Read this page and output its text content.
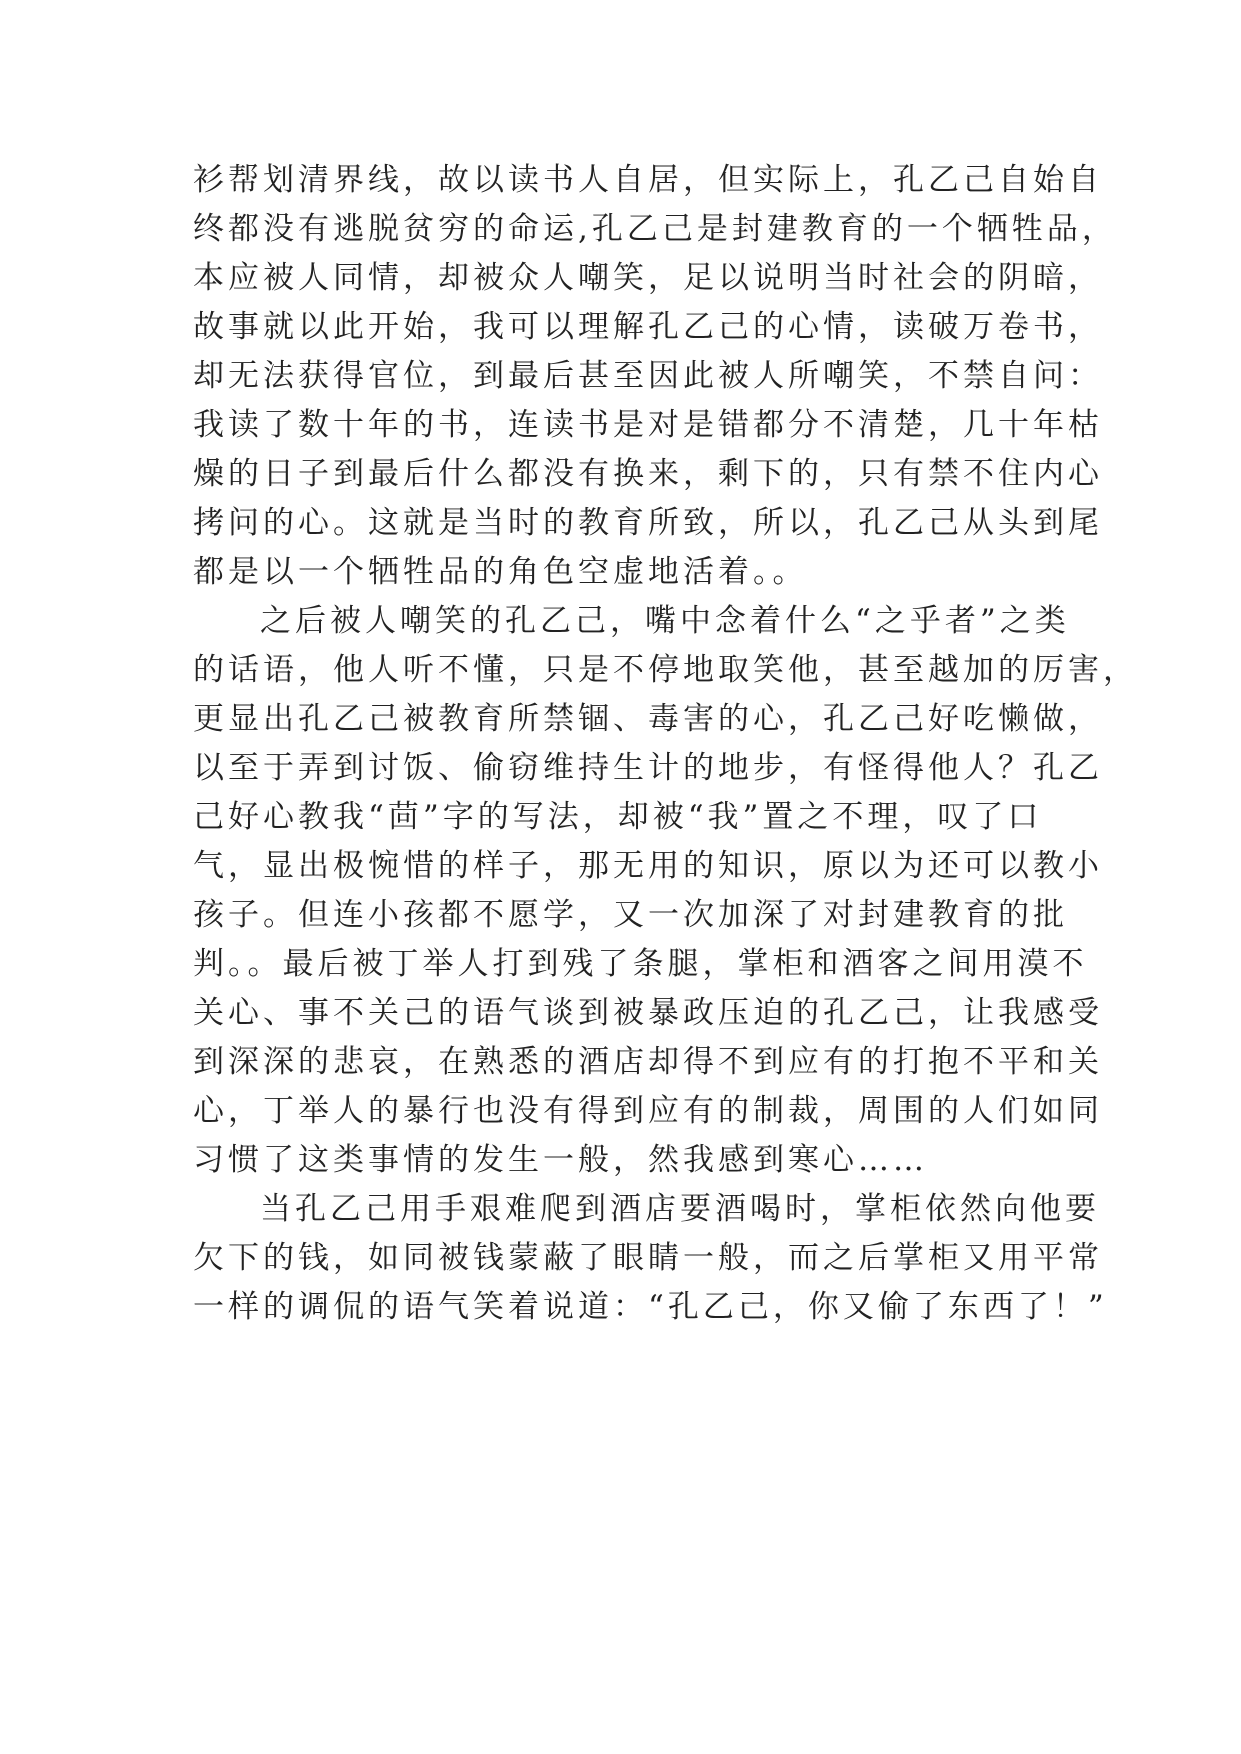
衫帮划清界线，故以读书人自居，但实际上，孔乙己自始自
终都没有逃脱贫穷的命运,孔乙己是封建教育的一个牺牲品，
本应被人同情，却被众人嘲笑，足以说明当时社会的阴暗，
故事就以此开始，我可以理解孔乙己的心情，读破万卷书，
却无法获得官位，到最后甚至因此被人所嘲笑，不禁自问：
我读了数十年的书，连读书是对是错都分不清楚，几十年枯
燥的日子到最后什么都没有换来，剩下的，只有禁不住内心
拷问的心。这就是当时的教育所致，所以，孔乙己从头到尾
都是以一个牺牲品的角色空虚地活着。。
之后被人嘲笑的孔乙己，嘴中念着什么“之乎者”之类
的话语，他人听不懂，只是不停地取笑他，甚至越加的厉害，
更显出孔乙己被教育所禁锢、毒害的心，孔乙己好吃懒做，
以至于弄到讨饭、偷窃维持生计的地步，有怪得他人？孔乙
己好心教我“茴”字的写法，却被“我”置之不理，叹了口
气，显出极惋惜的样子，那无用的知识，原以为还可以教小
孩子。但连小孩都不愿学，又一次加深了对封建教育的批
判。。最后被丁举人打到残了条腿，掌柜和酒客之间用漠不
关心、事不关己的语气谈到被暴政压迫的孔乙己，让我感受
到深深的悲哀，在熟悉的酒店却得不到应有的打抱不平和关
心，丁举人的暴行也没有得到应有的制裁，周围的人们如同
习惯了这类事情的发生一般，然我感到寒心……
当孔乙己用手艰难爬到酒店要酒喝时，掌柜依然向他要
欠下的钱，如同被钱蒙蔽了眼睛一般，而之后掌柜又用平常
一样的调侃的语气笑着说道：“孔乙己，你又偷了东西了！”
